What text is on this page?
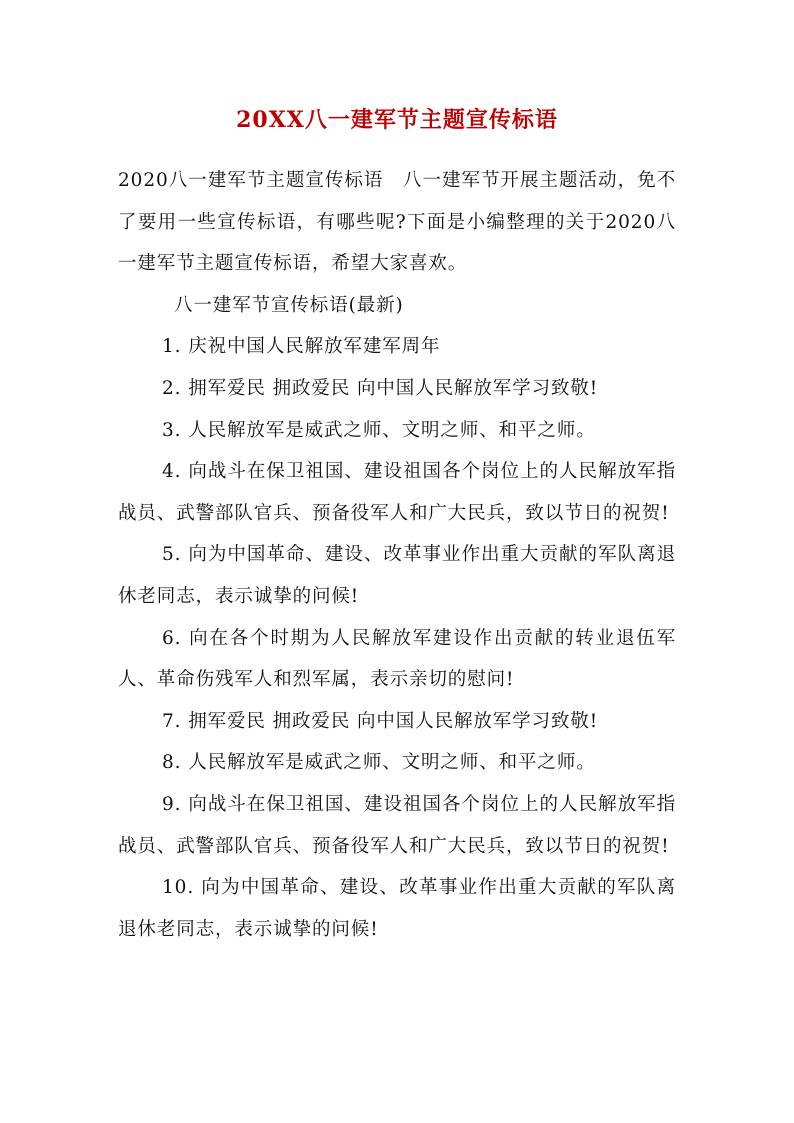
20XX八一建军节主题宣传标语

2020八一建军节主题宣传标语　八一建军节开展主题活动，免不了要用一些宣传标语，有哪些呢?下面是小编整理的关于2020八一建军节主题宣传标语，希望大家喜欢。

八一建军节宣传标语(最新)

1. 庆祝中国人民解放军建军周年

2. 拥军爱民 拥政爱民 向中国人民解放军学习致敬!

3. 人民解放军是威武之师、文明之师、和平之师。

4. 向战斗在保卫祖国、建设祖国各个岗位上的人民解放军指战员、武警部队官兵、预备役军人和广大民兵，致以节日的祝贺!

5. 向为中国革命、建设、改革事业作出重大贡献的军队离退休老同志，表示诚挚的问候!

6. 向在各个时期为人民解放军建设作出贡献的转业退伍军人、革命伤残军人和烈军属，表示亲切的慰问!

7. 拥军爱民 拥政爱民 向中国人民解放军学习致敬!

8. 人民解放军是威武之师、文明之师、和平之师。

9. 向战斗在保卫祖国、建设祖国各个岗位上的人民解放军指战员、武警部队官兵、预备役军人和广大民兵，致以节日的祝贺!

10. 向为中国革命、建设、改革事业作出重大贡献的军队离退休老同志，表示诚挚的问候!
